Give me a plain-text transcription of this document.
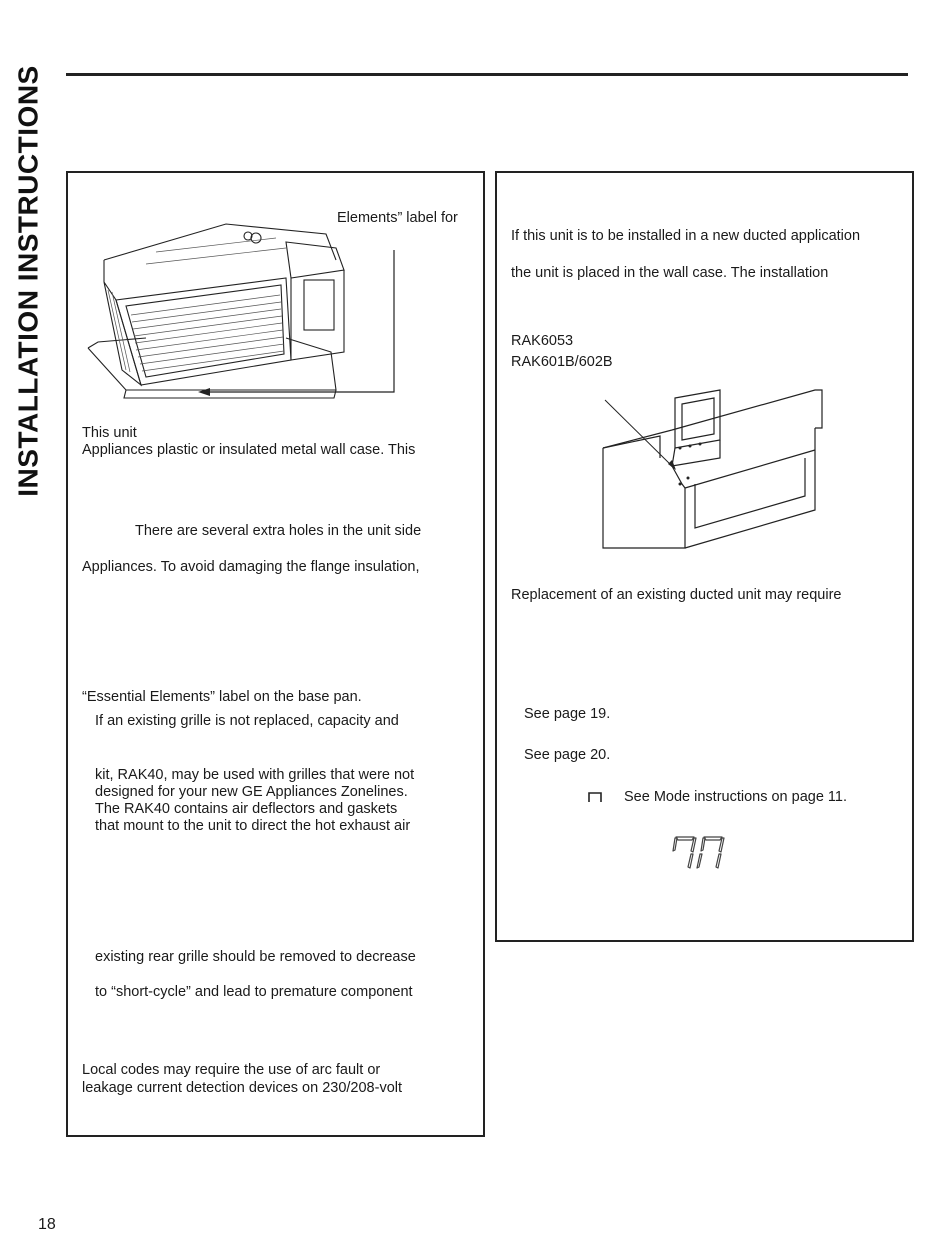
INSTALLATION INSTRUCTIONS	Elements” label for
This unit
Appliances plastic or insulated metal wall case. This
There are several extra holes in the unit side
Appliances. To avoid damaging the flange insulation,
“Essential Elements” label on the base pan.
If an existing grille is not replaced, capacity and
kit, RAK40, may be used with grilles that were not
designed for your new GE Appliances Zonelines.
The RAK40 contains air deflectors and gaskets
that mount to the unit to direct the hot exhaust air
existing rear grille should be removed to decrease
to “short-cycle” and lead to premature component
Local codes may require the use of arc fault or
leakage current detection devices on 230/208-volt
If this unit is to be installed in a new ducted application
the unit is placed in the wall case. The installation
RAK6053
RAK601B/602B
Replacement of an existing ducted unit may require
See page 19.
See page 20.
See Mode instructions on page 11.
18
